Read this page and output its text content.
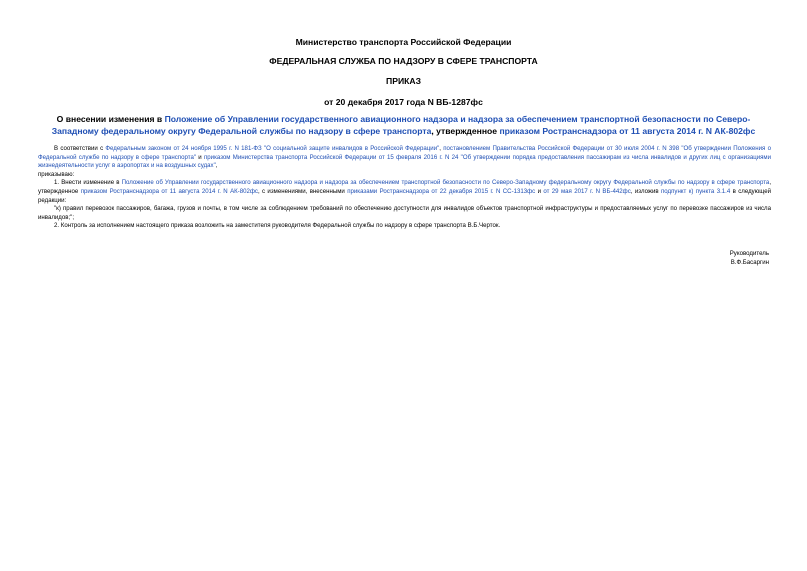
Министерство транспорта Российской Федерации
ФЕДЕРАЛЬНАЯ СЛУЖБА ПО НАДЗОРУ В СФЕРЕ ТРАНСПОРТА
ПРИКАЗ
от 20 декабря 2017 года N ВБ-1287фс
О внесении изменения в Положение об Управлении государственного авиационного надзора и надзора за обеспечением транспортной безопасности по Северо-Западному федеральному округу Федеральной службы по надзору в сфере транспорта, утвержденное приказом Ространснадзора от 11 августа 2014 г. N АК-802фс

В соответствии с Федеральным законом от 24 ноября 1995 г. N 181-ФЗ "О социальной защите инвалидов в Российской Федерации", постановлением Правительства Российской Федерации от 30 июля 2004 г. N 398 "Об утверждении Положения о Федеральной службе по надзору в сфере транспорта" и приказом Министерства транспорта Российской Федерации от 15 февраля 2016 г. N 24 "Об утверждении порядка предоставления пассажирам из числа инвалидов и других лиц с организациями жизнедеятельности услуг в аэропортах и на воздушных судах",

приказываю:

1. Внести изменение в Положение об Управлении государственного авиационного надзора и надзора за обеспечением транспортной безопасности по Северо-Западному федеральному округу Федеральной службы по надзору в сфере транспорта, утвержденное приказом Ространснадзора от 11 августа 2014 г. N АК-802фс, с изменениями, внесенными приказами Ространснадзора от 22 декабря 2015 г. N СС-1313фс и от 29 мая 2017 г. N ВБ-442фс, изложив подпункт к) пункта 3.1.4 в следующей редакции:

"к) правил перевозок пассажиров, багажа, грузов и почты, в том числе за соблюдением требований по обеспечению доступности для инвалидов объектов транспортной инфраструктуры и предоставляемых услуг по перевозке пассажиров из числа инвалидов;";

2. Контроль за исполнением настоящего приказа возложить на заместителя руководителя Федеральной службы по надзору в сфере транспорта В.Б.Черток.

Руководитель
В.Ф.Басаргин
